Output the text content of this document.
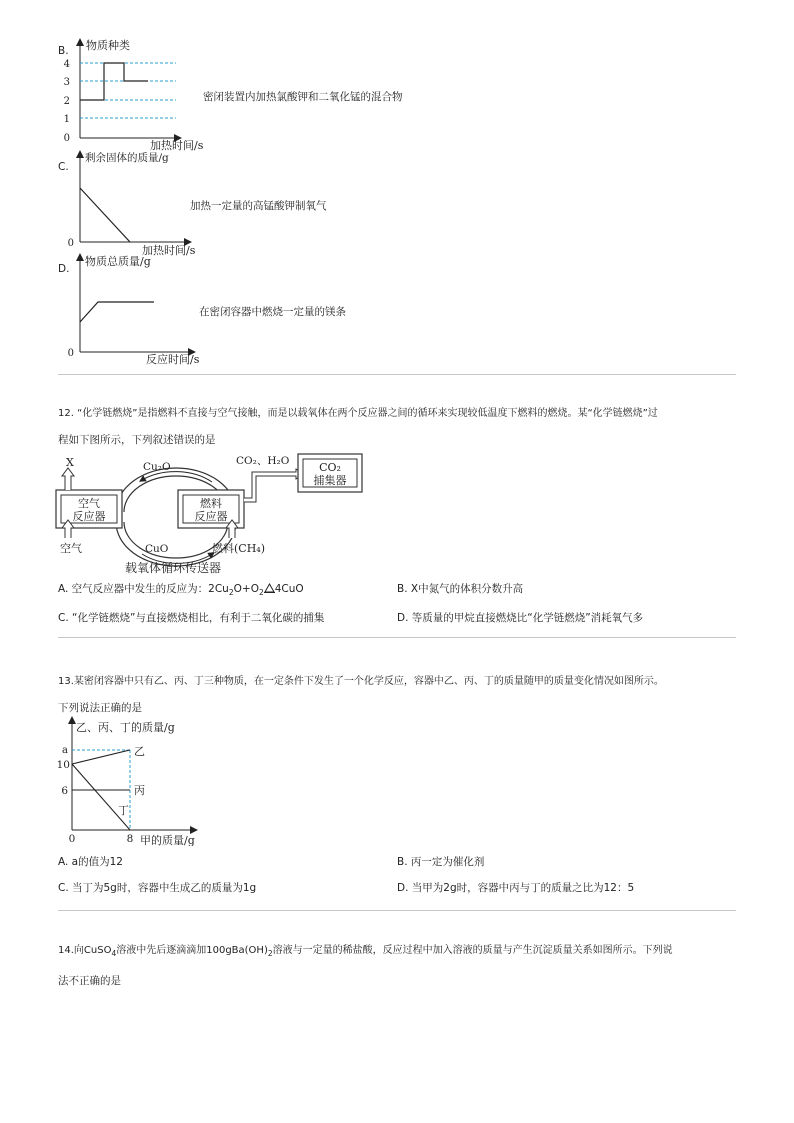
B. 物质种类
4
3
2
1
0
加热时间/s
密闭装置内加热氯酸钾和二氧化锰的混合物
C.
剩余固体的质量/g
0
加热时间/s
加热一定量的高锰酸钾制氧气
D.
物质总质量/g
0	反应时间/s
在密闭容器中燃烧一定量的镁条
12. “化学链燃烧”是指燃料不直接与空气接触，而是以载氧体在两个反应器之间的循环来实现较低温度下燃料的燃烧。某“化学链燃烧”过
程如下图所示，下列叙述错误的是
Cu₂O
CuO
空气
反应器
X
空气
燃料
反应器
燃料(CH₄)
CO₂、H₂O	CO₂
捕集器
载氧体循环传送器
A. 空气反应器中发生的反应为：$2Cu_2O+O_2$ 4CuO	B. X中氮气的体积分数升高
C. “化学链燃烧”与直接燃烧相比，有利于二氧化碳的捕集	D. 等质量的甲烷直接燃烧比“化学链燃烧”消耗氧气多
13.某密闭容器中只有乙、丙、丁三种物质，在一定条件下发生了一个化学反应，容器中乙、丙、丁的质量随甲的质量变化情况如图所示。
下列说法正确的是
乙、丙、丁的质量/g
a
10
6
0	8 甲的质量/g
乙
丙
丁
A. a的值为12	B. 丙一定为催化剂
C. 当丁为5g时，容器中生成乙的质量为1g	D. 当甲为2g时，容器中丙与丁的质量之比为12：5
14.向CuSO$_4$溶液中先后逐滴滴加$100gBa(OH)_2$溶液与一定量的稀盐酸，反应过程中加入溶液的质量与产生沉淀质量关系如图所示。下列说
法不正确的是
